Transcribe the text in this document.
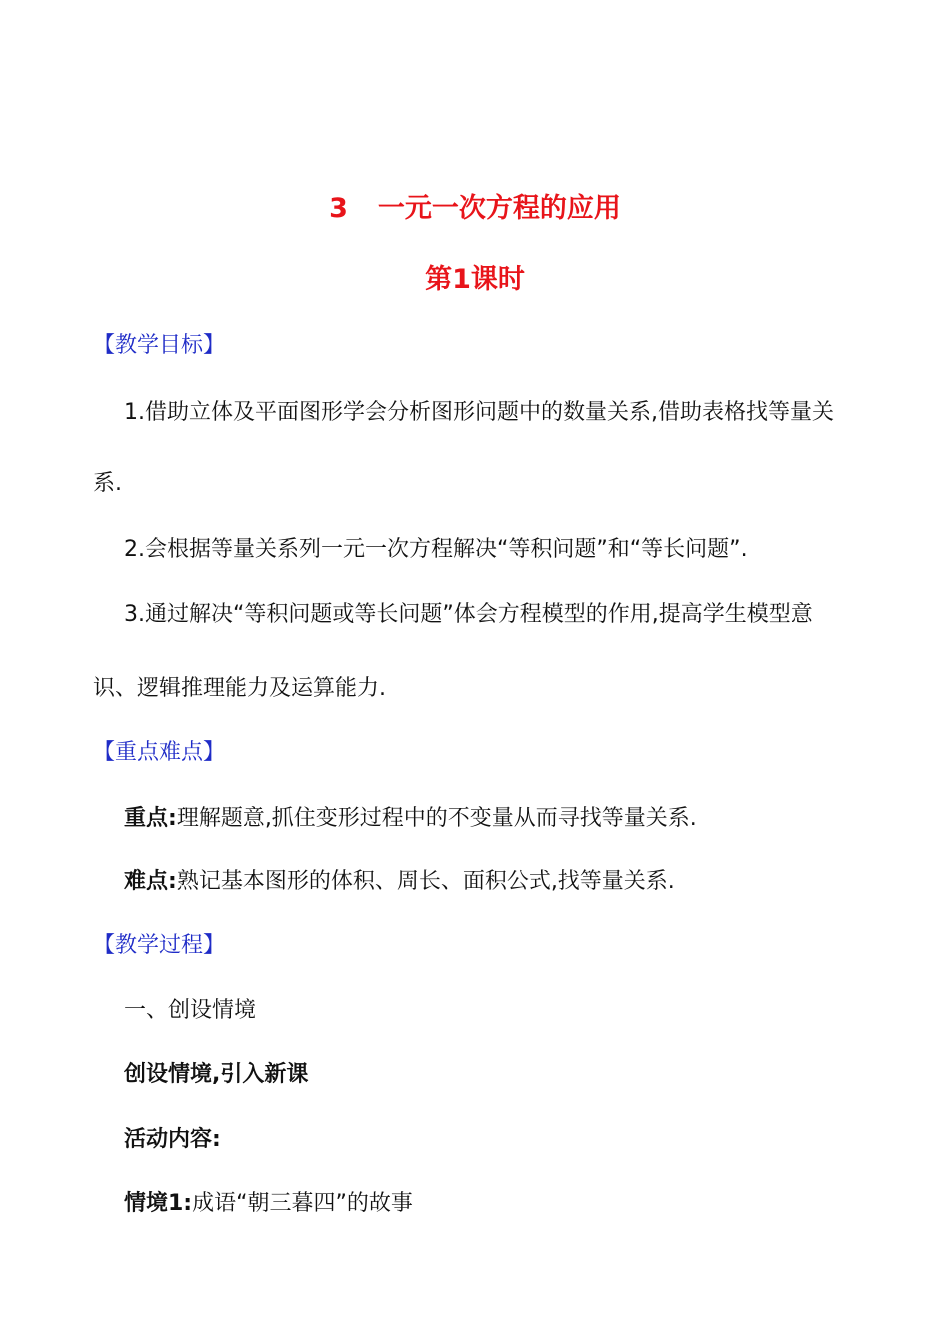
3 一元一次方程的应用
第1课时
【教学目标】
1.借助立体及平面图形学会分析图形问题中的数量关系,借助表格找等量关
系.
2.会根据等量关系列一元一次方程解决“等积问题”和“等长问题”.
3.通过解决“等积问题或等长问题”体会方程模型的作用,提高学生模型意
识、逻辑推理能力及运算能力.
【重点难点】
重点:理解题意,抓住变形过程中的不变量从而寻找等量关系.
难点:熟记基本图形的体积、周长、面积公式,找等量关系.
【教学过程】
一、创设情境
创设情境,引入新课
活动内容:
情境1:成语“朝三暮四”的故事
